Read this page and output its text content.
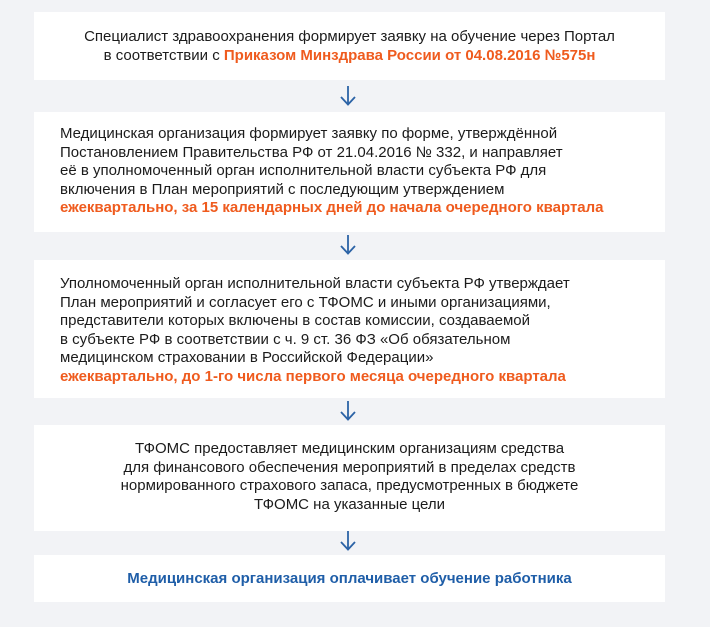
Специалист здравоохранения формирует заявку на обучение через Портал
в соответствии с Приказом Минздрава России от 04.08.2016 №575н
Медицинская организация формирует заявку по форме, утверждённой
Постановлением Правительства РФ от 21.04.2016 № 332, и направляет
её в уполномоченный орган исполнительной власти субъекта РФ для
включения в План мероприятий с последующим утверждением
ежеквартально, за 15 календарных дней до начала очередного квартала
Уполномоченный орган исполнительной власти субъекта РФ утверждает
План мероприятий и согласует его с ТФОМС и иными организациями,
представители которых включены в состав комиссии, создаваемой
в субъекте РФ в соответствии с ч. 9 ст. 36 ФЗ «Об обязательном
медицинском страховании в Российской Федерации»
ежеквартально, до 1-го числа первого месяца очередного квартала
ТФОМС предоставляет медицинским организациям средства
для финансового обеспечения мероприятий в пределах средств
нормированного страхового запаса, предусмотренных в бюджете
ТФОМС на указанные цели
Медицинская организация оплачивает обучение работника
